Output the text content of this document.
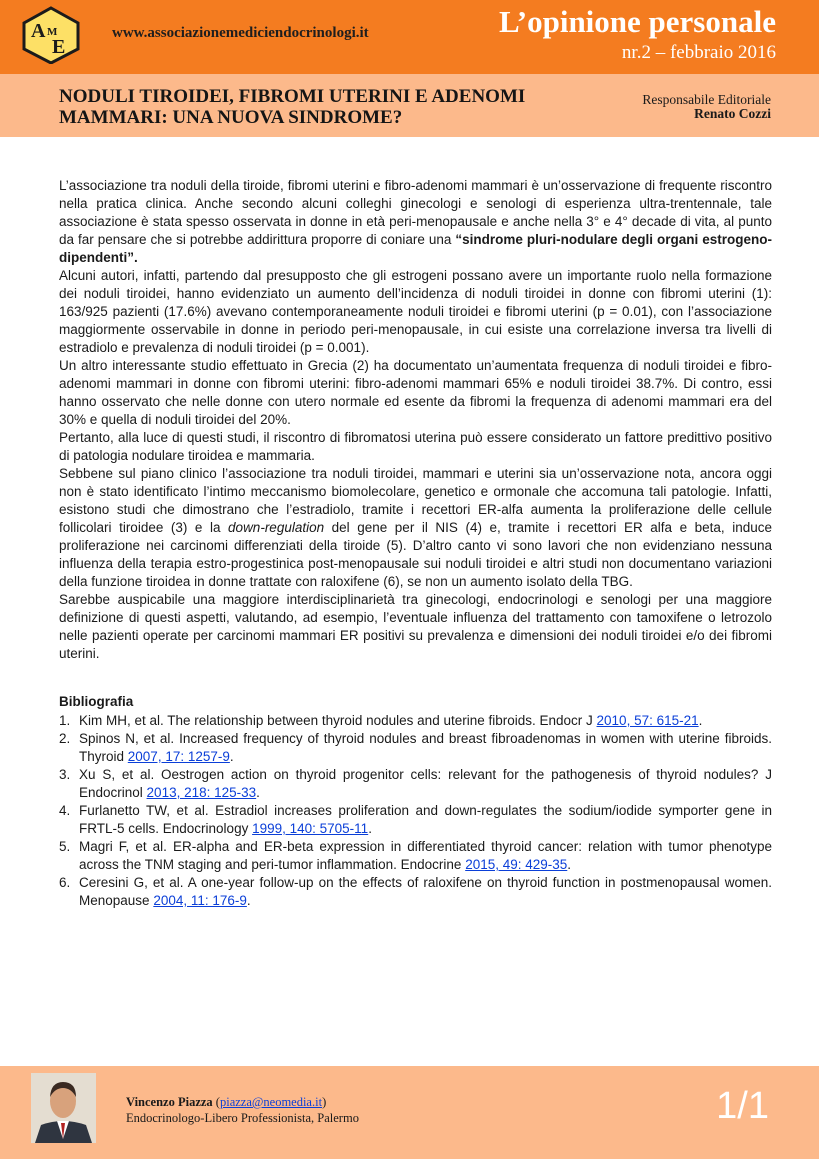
A M
E
www.associazionemediciendocrinologi.it	L’opinione personale
nr.2 – febbraio 2016
NODULI TIROIDEI, FIBROMI UTERINI E ADENOMI MAMMARI: UNA NUOVA SINDROME?
Responsabile Editoriale
Renato Cozzi

L’associazione tra noduli della tiroide, fibromi uterini e fibro-adenomi mammari è un’osservazione di frequente riscontro nella pratica clinica. Anche secondo alcuni colleghi ginecologi e senologi di esperienza ultra-trentennale, tale associazione è stata spesso osservata in donne in età peri-menopausale e anche nella 3° e 4° decade di vita, al punto da far pensare che si potrebbe addirittura proporre di coniare una “sindrome pluri-nodulare degli organi estrogeno-dipendenti”.

Alcuni autori, infatti, partendo dal presupposto che gli estrogeni possano avere un importante ruolo nella formazione dei noduli tiroidei, hanno evidenziato un aumento dell’incidenza di noduli tiroidei in donne con fibromi uterini (1): 163/925 pazienti (17.6%) avevano contemporaneamente noduli tiroidei e fibromi uterini (p = 0.01), con l’associazione maggiormente osservabile in donne in periodo peri-menopausale, in cui esiste una correlazione inversa tra livelli di estradiolo e prevalenza di noduli tiroidei (p = 0.001).

Un altro interessante studio effettuato in Grecia (2) ha documentato un’aumentata frequenza di noduli tiroidei e fibro-adenomi mammari in donne con fibromi uterini: fibro-adenomi mammari 65% e noduli tiroidei 38.7%. Di contro, essi hanno osservato che nelle donne con utero normale ed esente da fibromi la frequenza di adenomi mammari era del 30% e quella di noduli tiroidei del 20%.

Pertanto, alla luce di questi studi, il riscontro di fibromatosi uterina può essere considerato un fattore predittivo positivo di patologia nodulare tiroidea e mammaria.

Sebbene sul piano clinico l’associazione tra noduli tiroidei, mammari e uterini sia un’osservazione nota, ancora oggi non è stato identificato l’intimo meccanismo biomolecolare, genetico e ormonale che accomuna tali patologie. Infatti, esistono studi che dimostrano che l’estradiolo, tramite i recettori ER-alfa aumenta la proliferazione delle cellule follicolari tiroidee (3) e la down-regulation del gene per il NIS (4) e, tramite i recettori ER alfa e beta, induce proliferazione nei carcinomi differenziati della tiroide (5). D’altro canto vi sono lavori che non evidenziano nessuna influenza della terapia estro-progestinica post-menopausale sui noduli tiroidei e altri studi non documentano variazioni della funzione tiroidea in donne trattate con raloxifene (6), se non un aumento isolato della TBG.

Sarebbe auspicabile una maggiore interdisciplinarietà tra ginecologi, endocrinologi e senologi per una maggiore definizione di questi aspetti, valutando, ad esempio, l’eventuale influenza del trattamento con tamoxifene o letrozolo nelle pazienti operate per carcinomi mammari ER positivi su prevalenza e dimensioni dei noduli tiroidei e/o dei fibromi uterini.

Bibliografia
1. Kim MH, et al. The relationship between thyroid nodules and uterine fibroids. Endocr J 2010, 57: 615-21.
2. Spinos N, et al. Increased frequency of thyroid nodules and breast fibroadenomas in women with uterine fibroids. Thyroid 2007, 17: 1257-9.
3. Xu S, et al. Oestrogen action on thyroid progenitor cells: relevant for the pathogenesis of thyroid nodules? J Endocrinol 2013, 218: 125-33.
4. Furlanetto TW, et al. Estradiol increases proliferation and down-regulates the sodium/iodide symporter gene in FRTL-5 cells. Endocrinology 1999, 140: 5705-11.
5. Magri F, et al. ER-alpha and ER-beta expression in differentiated thyroid cancer: relation with tumor phenotype across the TNM staging and peri-tumor inflammation. Endocrine 2015, 49: 429-35.
6. Ceresini G, et al. A one-year follow-up on the effects of raloxifene on thyroid function in postmenopausal women. Menopause 2004, 11: 176-9.
Vincenzo Piazza (piazza@neomedia.it)
Endocrinologo-Libero Professionista, Palermo	1/1
